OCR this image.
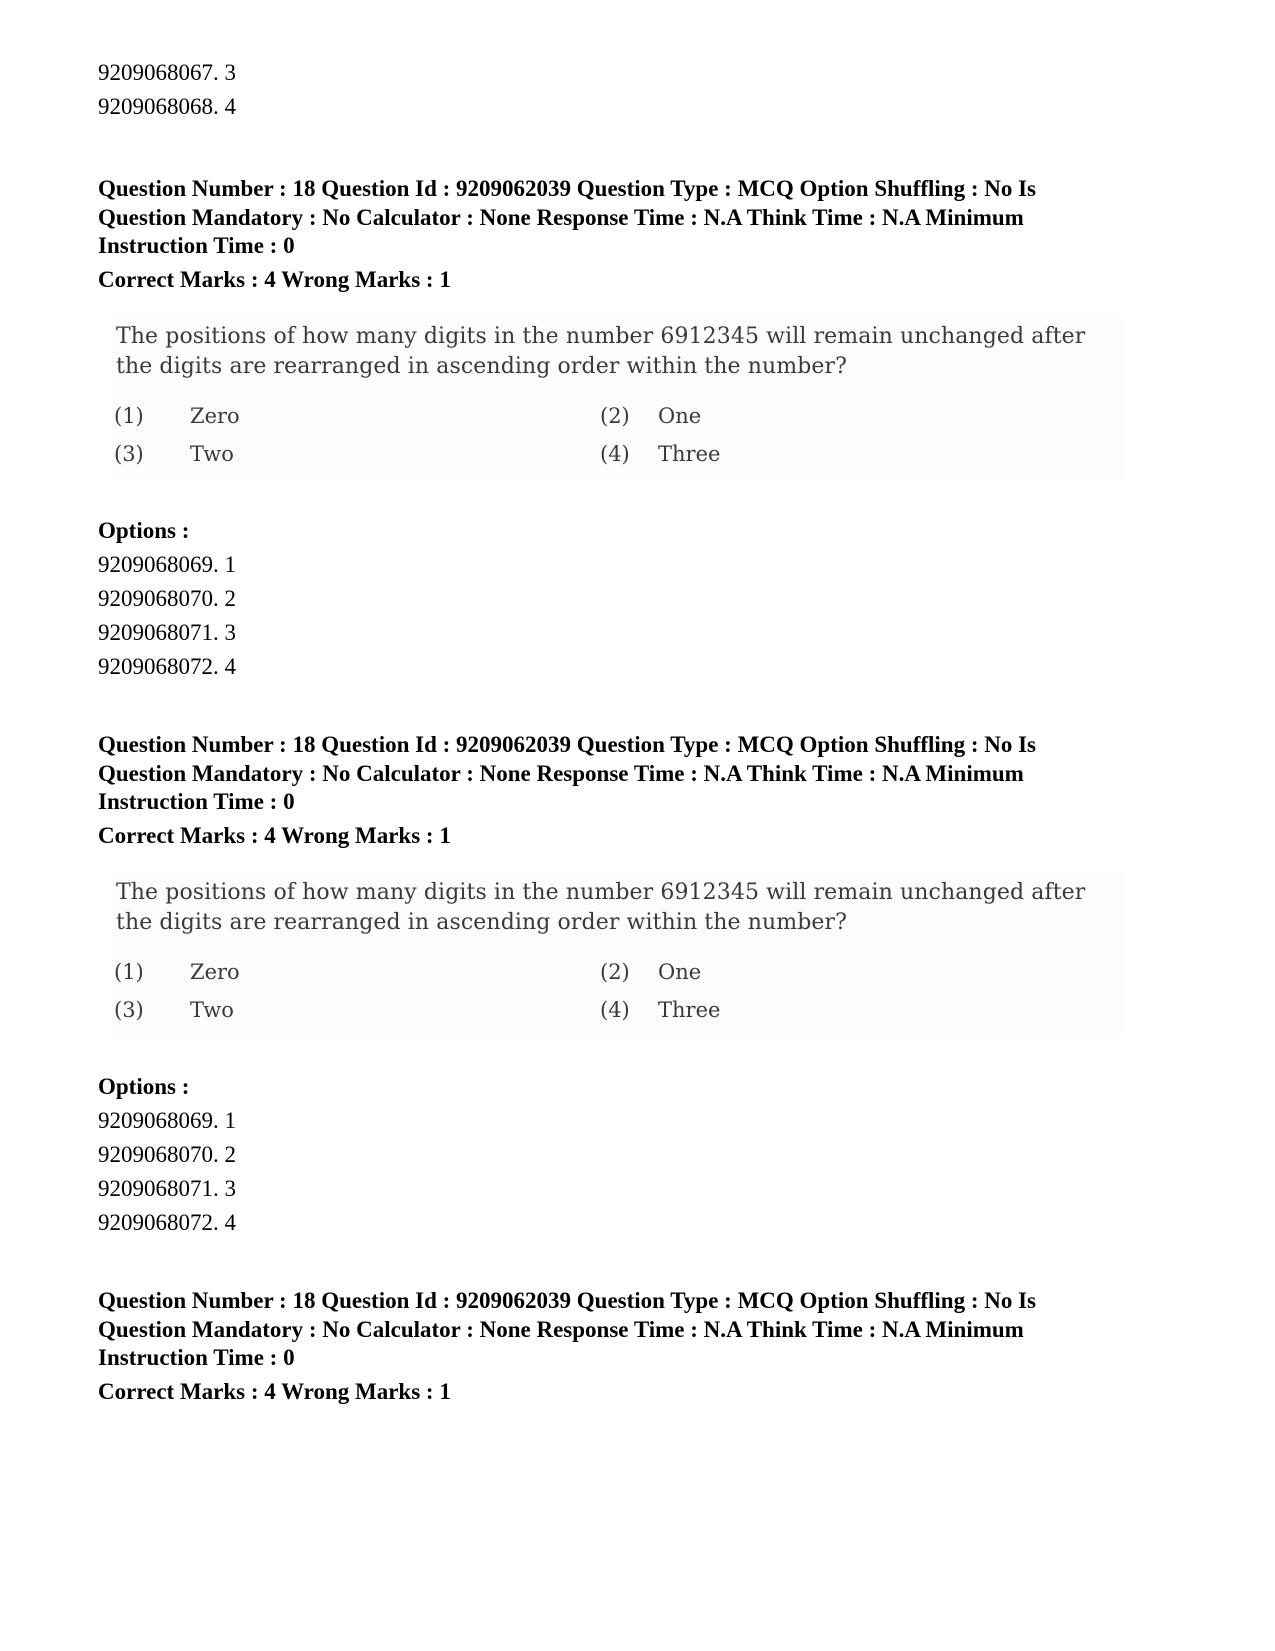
9209068067. 3
9209068068. 4
Question Number : 18 Question Id : 9209062039 Question Type : MCQ Option Shuffling : No Is
Question Mandatory : No Calculator : None Response Time : N.A Think Time : N.A Minimum
Instruction Time : 0
Correct Marks : 4 Wrong Marks : 1
The positions of how many digits in the number 6912345 will remain unchanged after
the digits are rearranged in ascending order within the number?
(1) Zero	(2) One
(3) Two	(4) Three
Options :
9209068069. 1
9209068070. 2
9209068071. 3
9209068072. 4
Question Number : 18 Question Id : 9209062039 Question Type : MCQ Option Shuffling : No Is
Question Mandatory : No Calculator : None Response Time : N.A Think Time : N.A Minimum
Instruction Time : 0
Correct Marks : 4 Wrong Marks : 1
The positions of how many digits in the number 6912345 will remain unchanged after
the digits are rearranged in ascending order within the number?
(1) Zero	(2) One
(3) Two	(4) Three
Options :
9209068069. 1
9209068070. 2
9209068071. 3
9209068072. 4
Question Number : 18 Question Id : 9209062039 Question Type : MCQ Option Shuffling : No Is
Question Mandatory : No Calculator : None Response Time : N.A Think Time : N.A Minimum
Instruction Time : 0
Correct Marks : 4 Wrong Marks : 1
